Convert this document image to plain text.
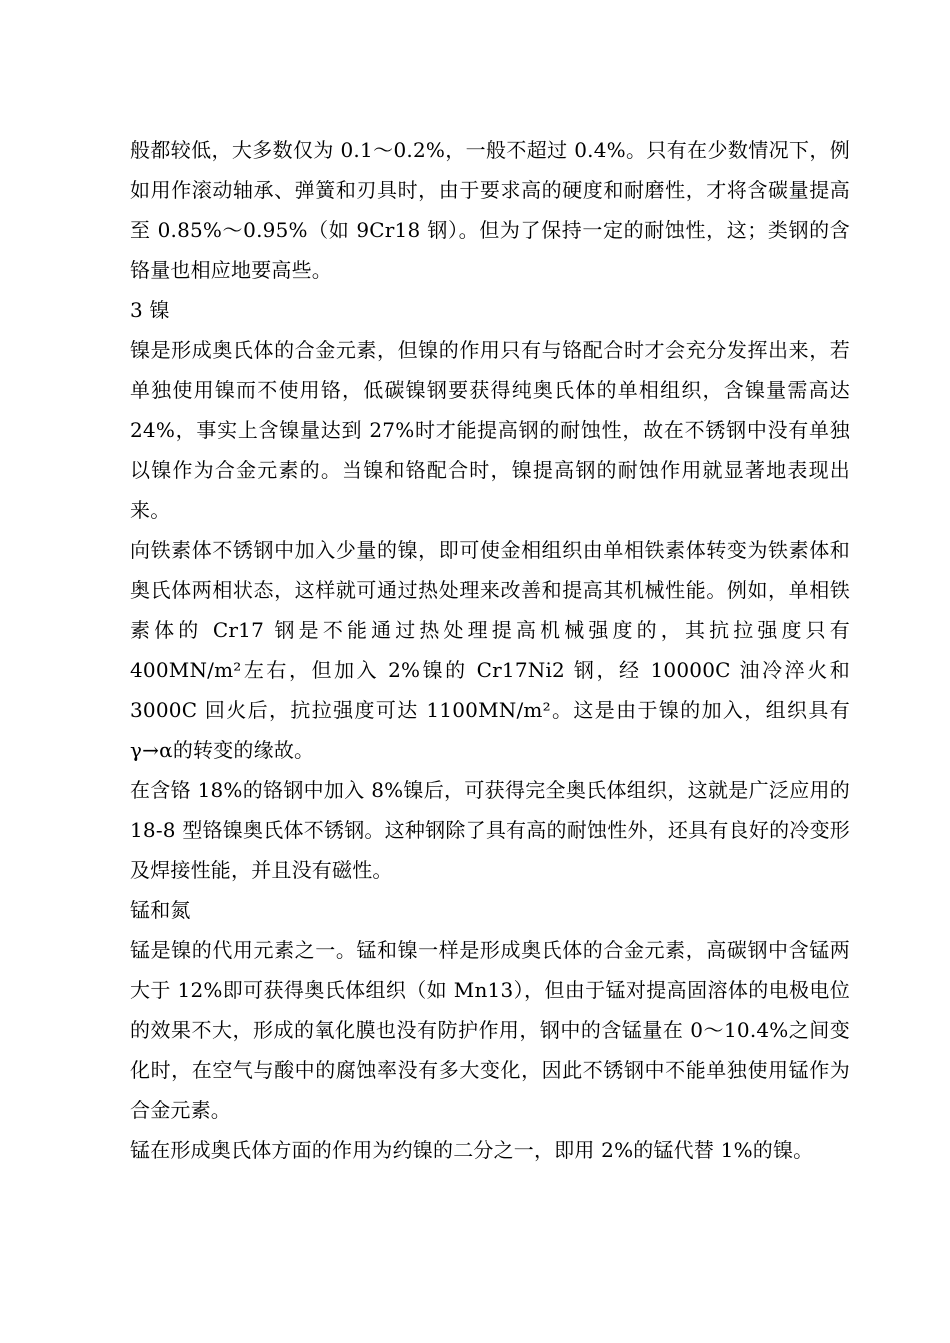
般都较低，大多数仅为 0.1～0.2%，一般不超过 0.4%。只有在少数情况下，例如用作滚动轴承、弹簧和刃具时，由于要求高的硬度和耐磨性，才将含碳量提高至 0.85%～0.95%（如 9Cr18 钢）。但为了保持一定的耐蚀性，这；类钢的含铬量也相应地要高些。

3 镍

镍是形成奥氏体的合金元素，但镍的作用只有与铬配合时才会充分发挥出来，若单独使用镍而不使用铬，低碳镍钢要获得纯奥氏体的单相组织，含镍量需高达 24%，事实上含镍量达到 27%时才能提高钢的耐蚀性，故在不锈钢中没有单独以镍作为合金元素的。当镍和铬配合时，镍提高钢的耐蚀作用就显著地表现出来。

向铁素体不锈钢中加入少量的镍，即可使金相组织由单相铁素体转变为铁素体和奥氏体两相状态，这样就可通过热处理来改善和提高其机械性能。例如，单相铁素体的 Cr17 钢是不能通过热处理提高机械强度的，其抗拉强度只有 400MN/m²左右，但加入 2%镍的 Cr17Ni2 钢，经 10000C 油冷淬火和3000C 回火后，抗拉强度可达 1100MN/m²。这是由于镍的加入，组织具有γ→α的转变的缘故。

在含铬 18%的铬钢中加入 8%镍后，可获得完全奥氏体组织，这就是广泛应用的 18-8 型铬镍奥氏体不锈钢。这种钢除了具有高的耐蚀性外，还具有良好的冷变形及焊接性能，并且没有磁性。

锰和氮

锰是镍的代用元素之一。锰和镍一样是形成奥氏体的合金元素，高碳钢中含锰两大于 12%即可获得奥氏体组织（如 Mn13），但由于锰对提高固溶体的电极电位的效果不大，形成的氧化膜也没有防护作用，钢中的含锰量在 0～10.4%之间变化时，在空气与酸中的腐蚀率没有多大变化，因此不锈钢中不能单独使用锰作为合金元素。

锰在形成奥氏体方面的作用为约镍的二分之一，即用 2%的锰代替 1%的镍。
